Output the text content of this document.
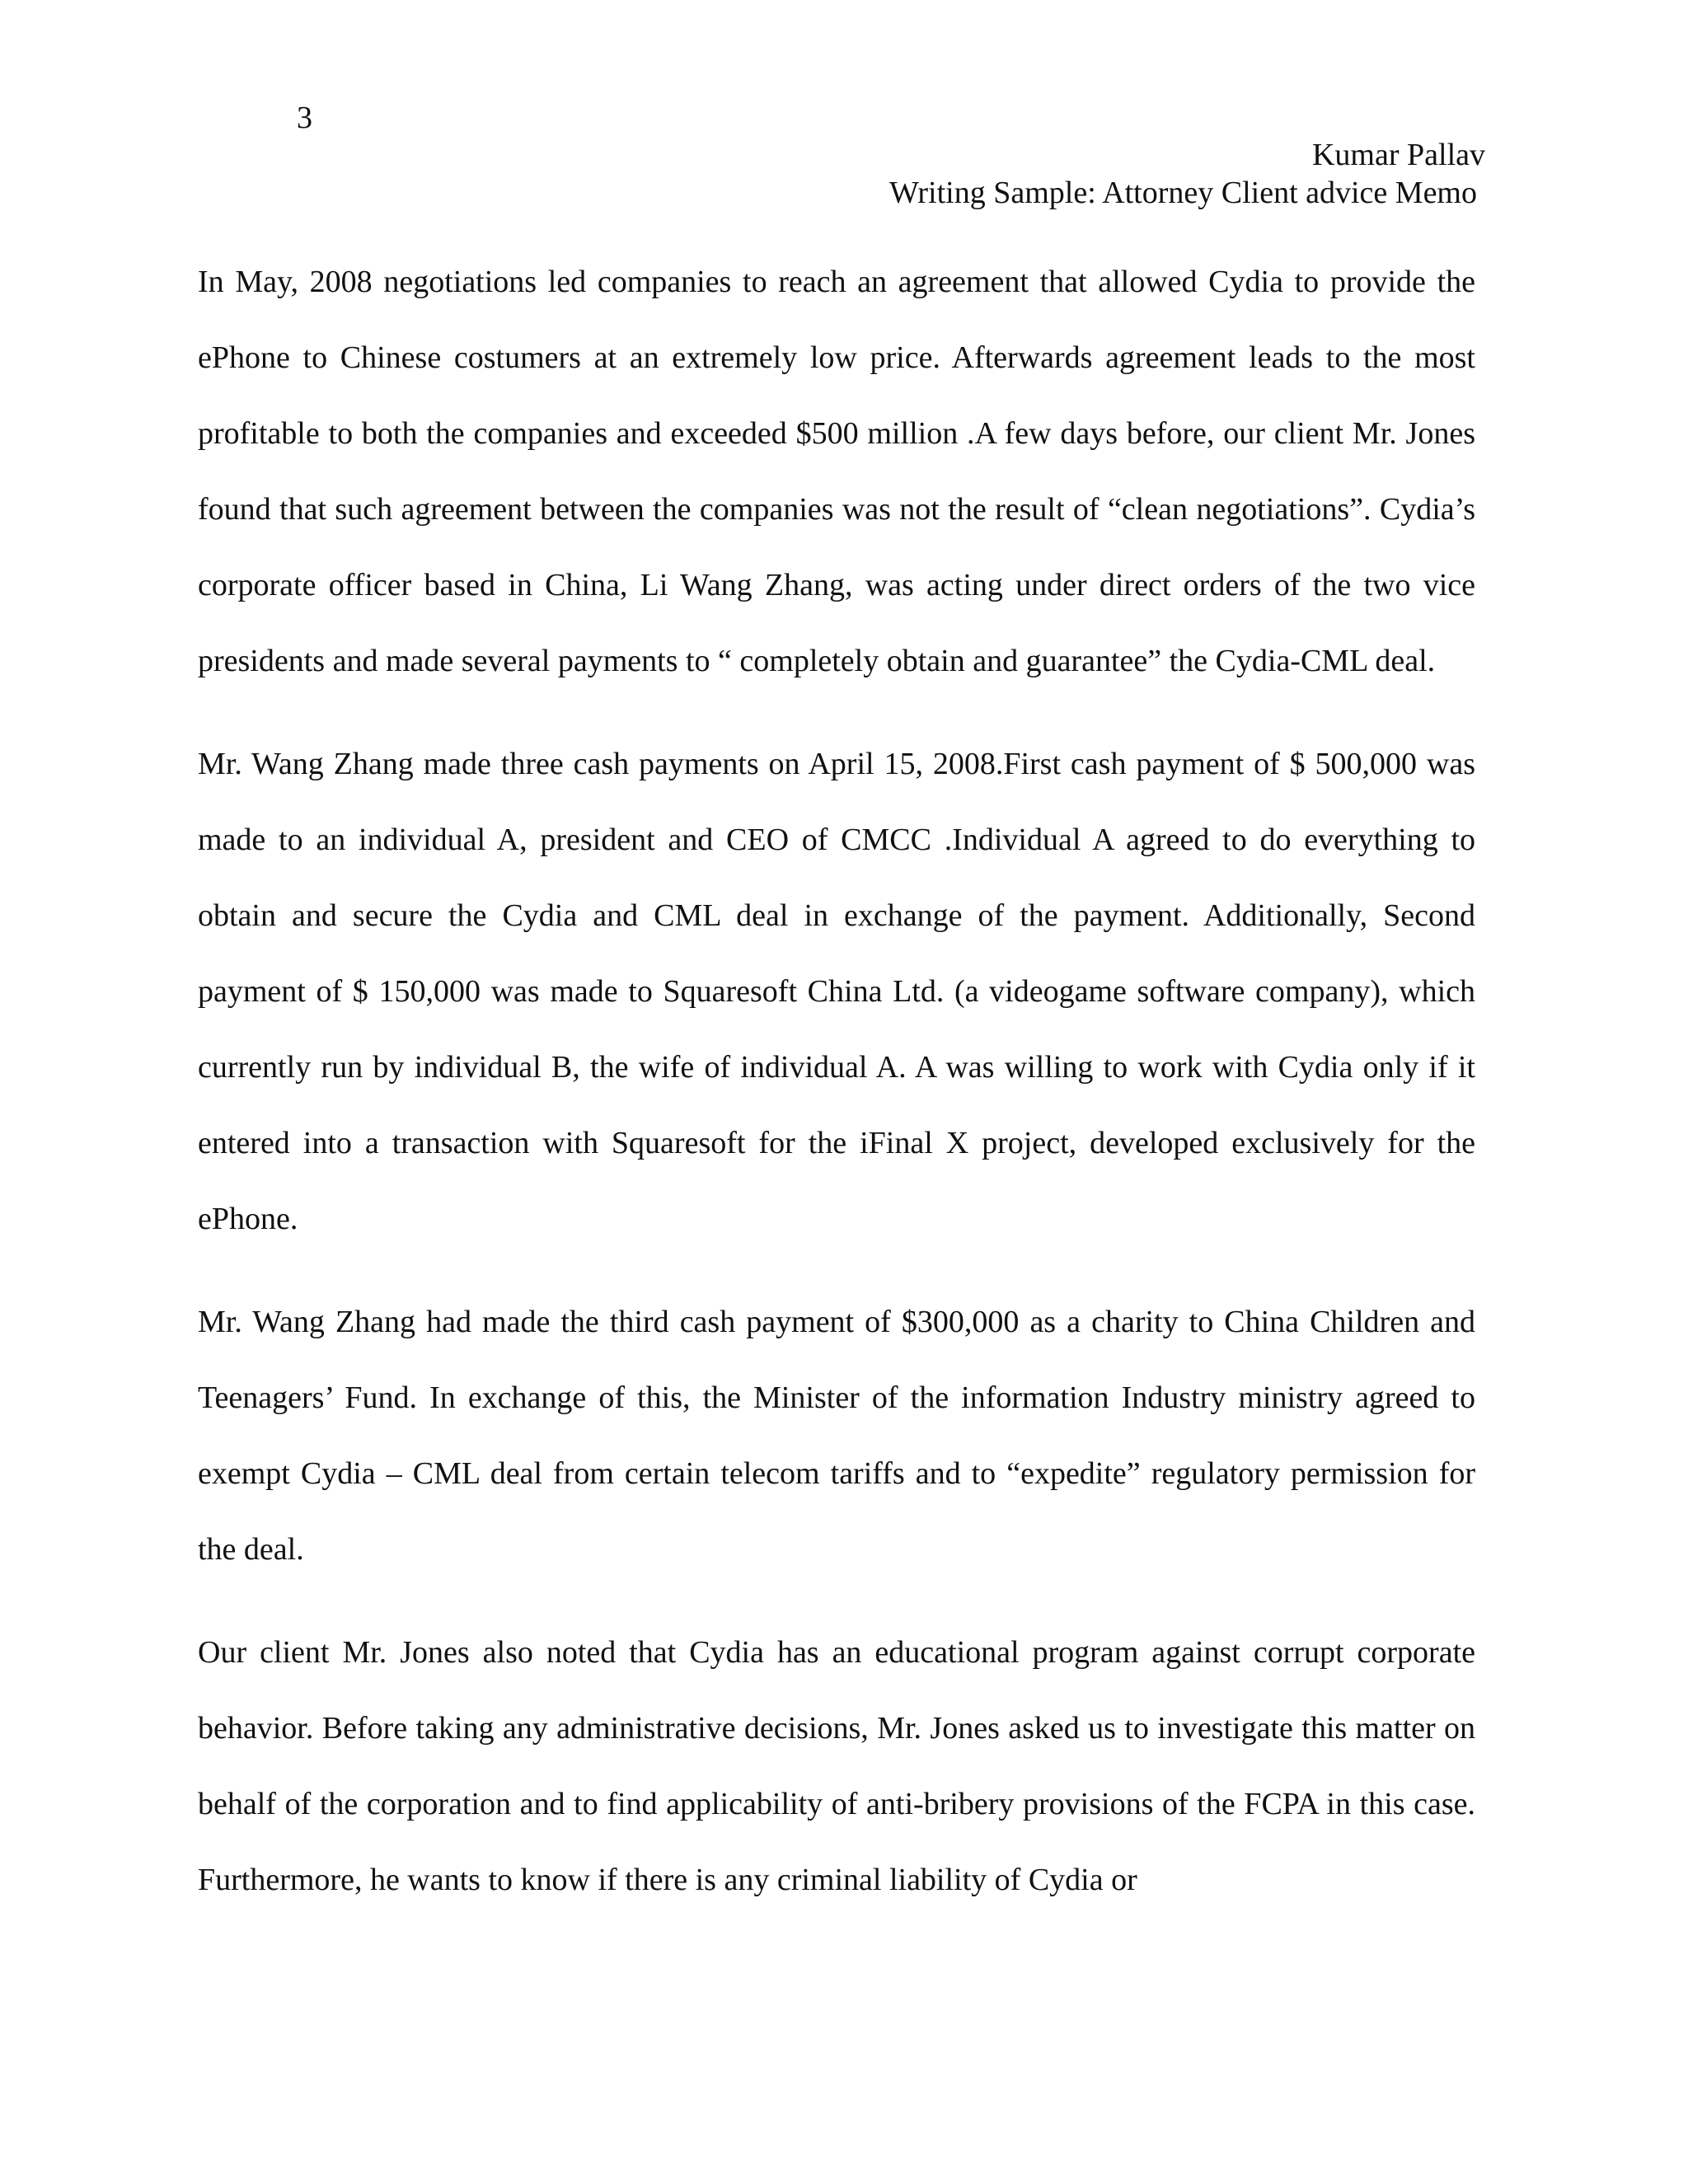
3
Kumar Pallav
Writing Sample: Attorney Client advice Memo

In May, 2008 negotiations led companies to reach an agreement that allowed Cydia to provide the ePhone to Chinese costumers at an extremely low price. Afterwards agreement leads to the most profitable to both the companies and exceeded $500 million .A few days before, our client Mr. Jones found that such agreement between the companies was not the result of “clean negotiations”. Cydia’s corporate officer based in China, Li Wang Zhang, was acting under direct orders of the two vice presidents and made several payments to “ completely obtain and guarantee” the Cydia-CML deal.

Mr. Wang Zhang made three cash payments on April 15, 2008.First cash payment of $ 500,000 was made to an individual A, president and CEO of CMCC .Individual A agreed to do everything to obtain and secure the Cydia and CML deal in exchange of the payment. Additionally, Second payment of $ 150,000 was made to Squaresoft China Ltd. (a videogame software company), which currently run by individual B, the wife of individual A. A was willing to work with Cydia only if it entered into a transaction with Squaresoft for the iFinal X project, developed exclusively for the ePhone.

Mr. Wang Zhang had made the third cash payment of $300,000 as a charity to China Children and Teenagers’ Fund. In exchange of this, the Minister of the information Industry ministry agreed to exempt Cydia – CML deal from certain telecom tariffs and to “expedite” regulatory permission for the deal.

Our client Mr. Jones also noted that Cydia has an educational program against corrupt corporate behavior. Before taking any administrative decisions, Mr. Jones asked us to investigate this matter on behalf of the corporation and to find applicability of anti-bribery provisions of the FCPA in this case. Furthermore, he wants to know if there is any criminal liability of Cydia or
